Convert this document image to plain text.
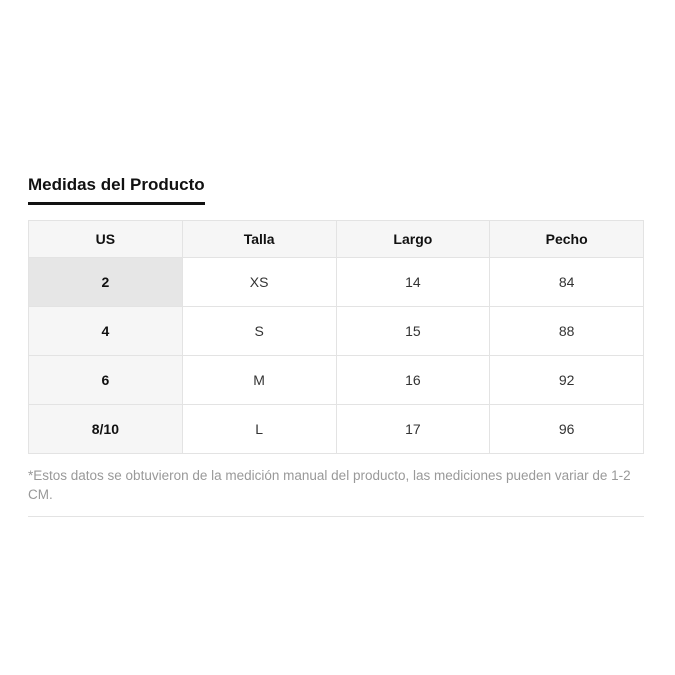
Medidas del Producto
US	Talla	Largo	Pecho
2	XS	14	84
4	S	15	88
6	M	16	92
8/10	L	17	96

*Estos datos se obtuvieron de la medición manual del producto, las mediciones pueden variar de 1-2 CM.
